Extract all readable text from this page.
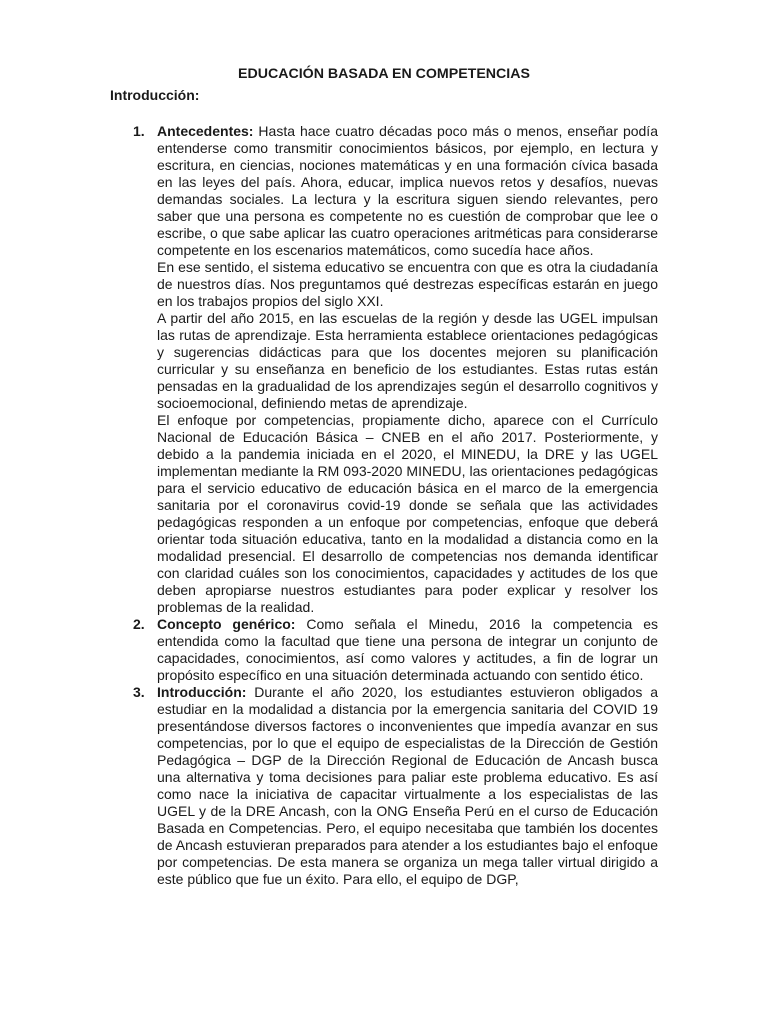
EDUCACIÓN BASADA EN COMPETENCIAS
Introducción:
1. Antecedentes: Hasta hace cuatro décadas poco más o menos, enseñar podía entenderse como transmitir conocimientos básicos, por ejemplo, en lectura y escritura, en ciencias, nociones matemáticas y en una formación cívica basada en las leyes del país. Ahora, educar, implica nuevos retos y desafíos, nuevas demandas sociales. La lectura y la escritura siguen siendo relevantes, pero saber que una persona es competente no es cuestión de comprobar que lee o escribe, o que sabe aplicar las cuatro operaciones aritméticas para considerarse competente en los escenarios matemáticos, como sucedía hace años.

En ese sentido, el sistema educativo se encuentra con que es otra la ciudadanía de nuestros días. Nos preguntamos qué destrezas específicas estarán en juego en los trabajos propios del siglo XXI.

A partir del año 2015, en las escuelas de la región y desde las UGEL impulsan las rutas de aprendizaje. Esta herramienta establece orientaciones pedagógicas y sugerencias didácticas para que los docentes mejoren su planificación curricular y su enseñanza en beneficio de los estudiantes. Estas rutas están pensadas en la gradualidad de los aprendizajes según el desarrollo cognitivos y socioemocional, definiendo metas de aprendizaje.

El enfoque por competencias, propiamente dicho, aparece con el Currículo Nacional de Educación Básica – CNEB en el año 2017. Posteriormente, y debido a la pandemia iniciada en el 2020, el MINEDU, la DRE y las UGEL implementan mediante la RM 093-2020 MINEDU, las orientaciones pedagógicas para el servicio educativo de educación básica en el marco de la emergencia sanitaria por el coronavirus covid-19 donde se señala que las actividades pedagógicas responden a un enfoque por competencias, enfoque que deberá orientar toda situación educativa, tanto en la modalidad a distancia como en la modalidad presencial. El desarrollo de competencias nos demanda identificar con claridad cuáles son los conocimientos, capacidades y actitudes de los que deben apropiarse nuestros estudiantes para poder explicar y resolver los problemas de la realidad.

2. Concepto genérico: Como señala el Minedu, 2016 la competencia es entendida como la facultad que tiene una persona de integrar un conjunto de capacidades, conocimientos, así como valores y actitudes, a fin de lograr un propósito específico en una situación determinada actuando con sentido ético.

3. Introducción: Durante el año 2020, los estudiantes estuvieron obligados a estudiar en la modalidad a distancia por la emergencia sanitaria del COVID 19 presentándose diversos factores o inconvenientes que impedía avanzar en sus competencias, por lo que el equipo de especialistas de la Dirección de Gestión Pedagógica – DGP de la Dirección Regional de Educación de Ancash busca una alternativa y toma decisiones para paliar este problema educativo. Es así como nace la iniciativa de capacitar virtualmente a los especialistas de las UGEL y de la DRE Ancash, con la ONG Enseña Perú en el curso de Educación Basada en Competencias. Pero, el equipo necesitaba que también los docentes de Ancash estuvieran preparados para atender a los estudiantes bajo el enfoque por competencias. De esta manera se organiza un mega taller virtual dirigido a este público que fue un éxito. Para ello, el equipo de DGP,
